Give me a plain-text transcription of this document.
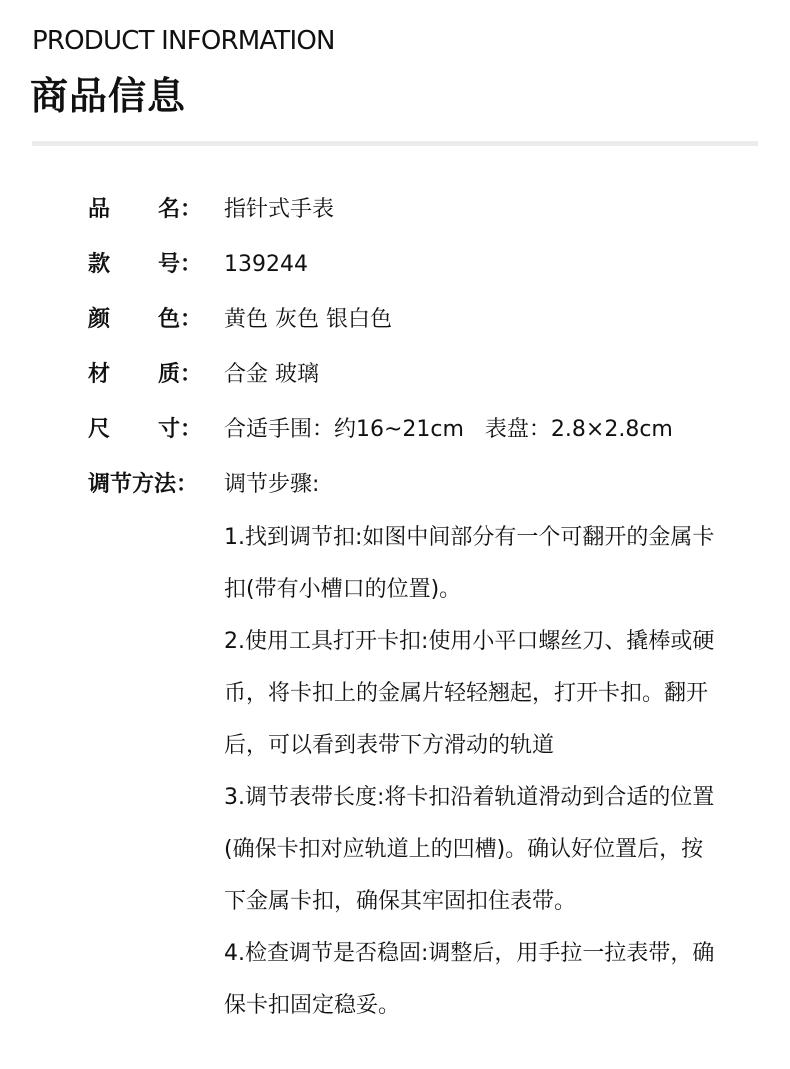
PRODUCT INFORMATION
商品信息
品 名： 指针式手表
款 号： 139244
颜 色： 黄色 灰色 银白色
材 质： 合金 玻璃
尺 寸： 合适手围：约16~21cm   表盘：2.8×2.8cm
调节方法： 调节步骤:
1.找到调节扣:如图中间部分有一个可翻开的金属卡扣(带有小槽口的位置)。
2.使用工具打开卡扣:使用小平口螺丝刀、撬棒或硬币，将卡扣上的金属片轻轻翘起，打开卡扣。翻开后，可以看到表带下方滑动的轨道
3.调节表带长度:将卡扣沿着轨道滑动到合适的位置(确保卡扣对应轨道上的凹槽)。确认好位置后，按下金属卡扣，确保其牢固扣住表带。
4.检查调节是否稳固:调整后，用手拉一拉表带，确保卡扣固定稳妥。
